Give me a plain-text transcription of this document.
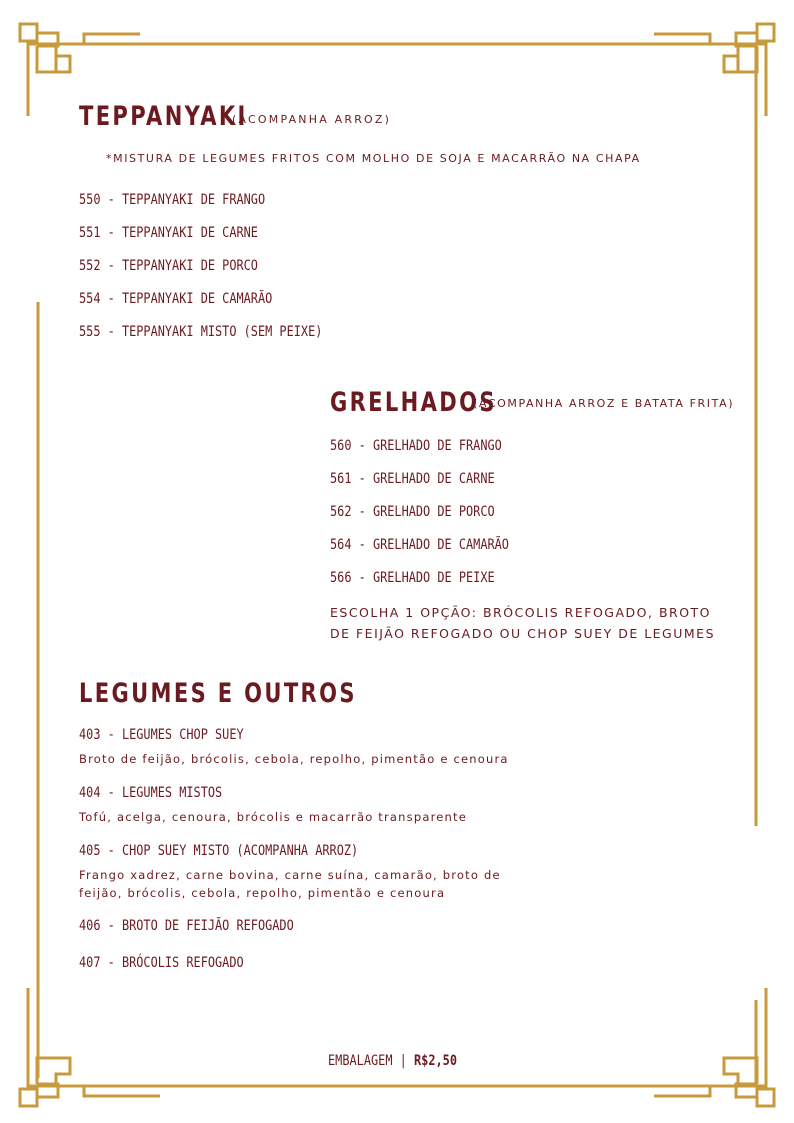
TEPPANYAKI
(ACOMPANHA ARROZ)
*MISTURA DE LEGUMES FRITOS COM MOLHO DE SOJA E MACARRÃO NA CHAPA
550 - TEPPANYAKI DE FRANGO
551 - TEPPANYAKI DE CARNE
552 - TEPPANYAKI DE PORCO
554 - TEPPANYAKI DE CAMARÃO
555 - TEPPANYAKI MISTO (SEM PEIXE)
GRELHADOS
(ACOMPANHA ARROZ E BATATA FRITA)
560 - GRELHADO DE FRANGO
561 - GRELHADO DE CARNE
562 - GRELHADO DE PORCO
564 - GRELHADO DE CAMARÃO
566 - GRELHADO DE PEIXE
ESCOLHA 1 OPÇÃO: BRÓCOLIS REFOGADO, BROTO
DE FEIJÃO REFOGADO OU CHOP SUEY DE LEGUMES
LEGUMES E OUTROS
403 - LEGUMES CHOP SUEY
Broto de feijão, brócolis, cebola, repolho, pimentão e cenoura
404 - LEGUMES MISTOS
Tofú, acelga, cenoura, brócolis e macarrão transparente
405 - CHOP SUEY MISTO (ACOMPANHA ARROZ)
Frango xadrez, carne bovina, carne suína, camarão, broto de
feijão, brócolis, cebola, repolho, pimentão e cenoura
406 - BROTO DE FEIJÃO REFOGADO
407 - BRÓCOLIS REFOGADO
EMBALAGEM | R$2,50
